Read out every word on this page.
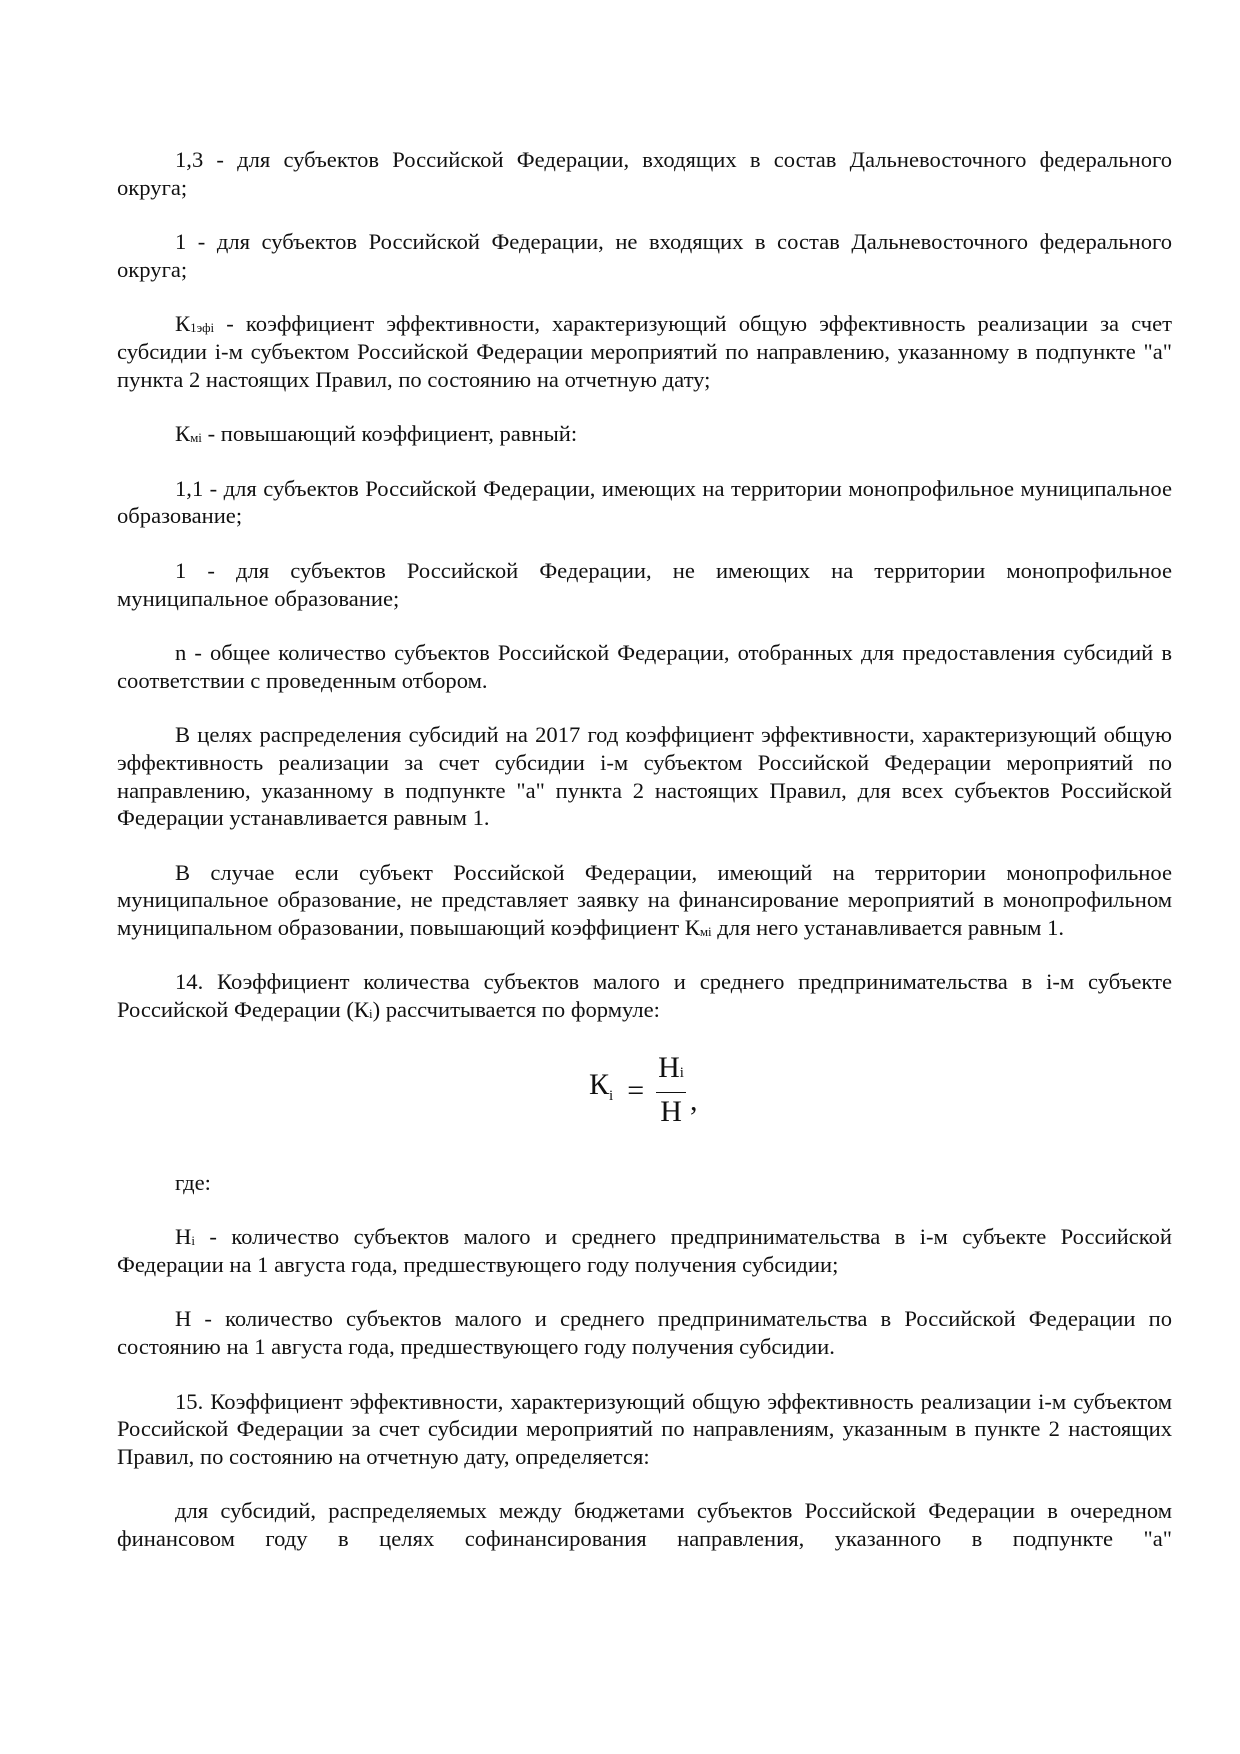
1,3 - для субъектов Российской Федерации, входящих в состав Дальневосточного федерального округа;

1 - для субъектов Российской Федерации, не входящих в состав Дальневосточного федерального округа;

$К_{1эфi}$ - коэффициент эффективности, характеризующий общую эффективность реализации за счет субсидии i-м субъектом Российской Федерации мероприятий по направлению, указанному в подпункте "а" пункта 2 настоящих Правил, по состоянию на отчетную дату;

$К_{мi}$ - повышающий коэффициент, равный:

1,1 - для субъектов Российской Федерации, имеющих на территории монопрофильное муниципальное образование;

1 - для субъектов Российской Федерации, не имеющих на территории монопрофильное муниципальное образование;

n - общее количество субъектов Российской Федерации, отобранных для предоставления субсидий в соответствии с проведенным отбором.

В целях распределения субсидий на 2017 год коэффициент эффективности, характеризующий общую эффективность реализации за счет субсидии i-м субъектом Российской Федерации мероприятий по направлению, указанному в подпункте "а" пункта 2 настоящих Правил, для всех субъектов Российской Федерации устанавливается равным 1.

В случае если субъект Российской Федерации, имеющий на территории монопрофильное муниципальное образование, не представляет заявку на финансирование мероприятий в монопрофильном муниципальном образовании, повышающий коэффициент $К_{мi}$ для него устанавливается равным 1.

14. Коэффициент количества субъектов малого и среднего предпринимательства в i-м субъекте Российской Федерации $(К_i)$ рассчитывается по формуле:

$К_i = \frac{Нi}{Н}$ ,

где:

$Н_i$ - количество субъектов малого и среднего предпринимательства в i-м субъекте Российской Федерации на 1 августа года, предшествующего году получения субсидии;

Н - количество субъектов малого и среднего предпринимательства в Российской Федерации по состоянию на 1 августа года, предшествующего году получения субсидии.

15. Коэффициент эффективности, характеризующий общую эффективность реализации i-м субъектом Российской Федерации за счет субсидии мероприятий по направлениям, указанным в пункте 2 настоящих Правил, по состоянию на отчетную дату, определяется:

для субсидий, распределяемых между бюджетами субъектов Российской Федерации в очередном финансовом году в целях софинансирования направления, указанного в подпункте "а"
